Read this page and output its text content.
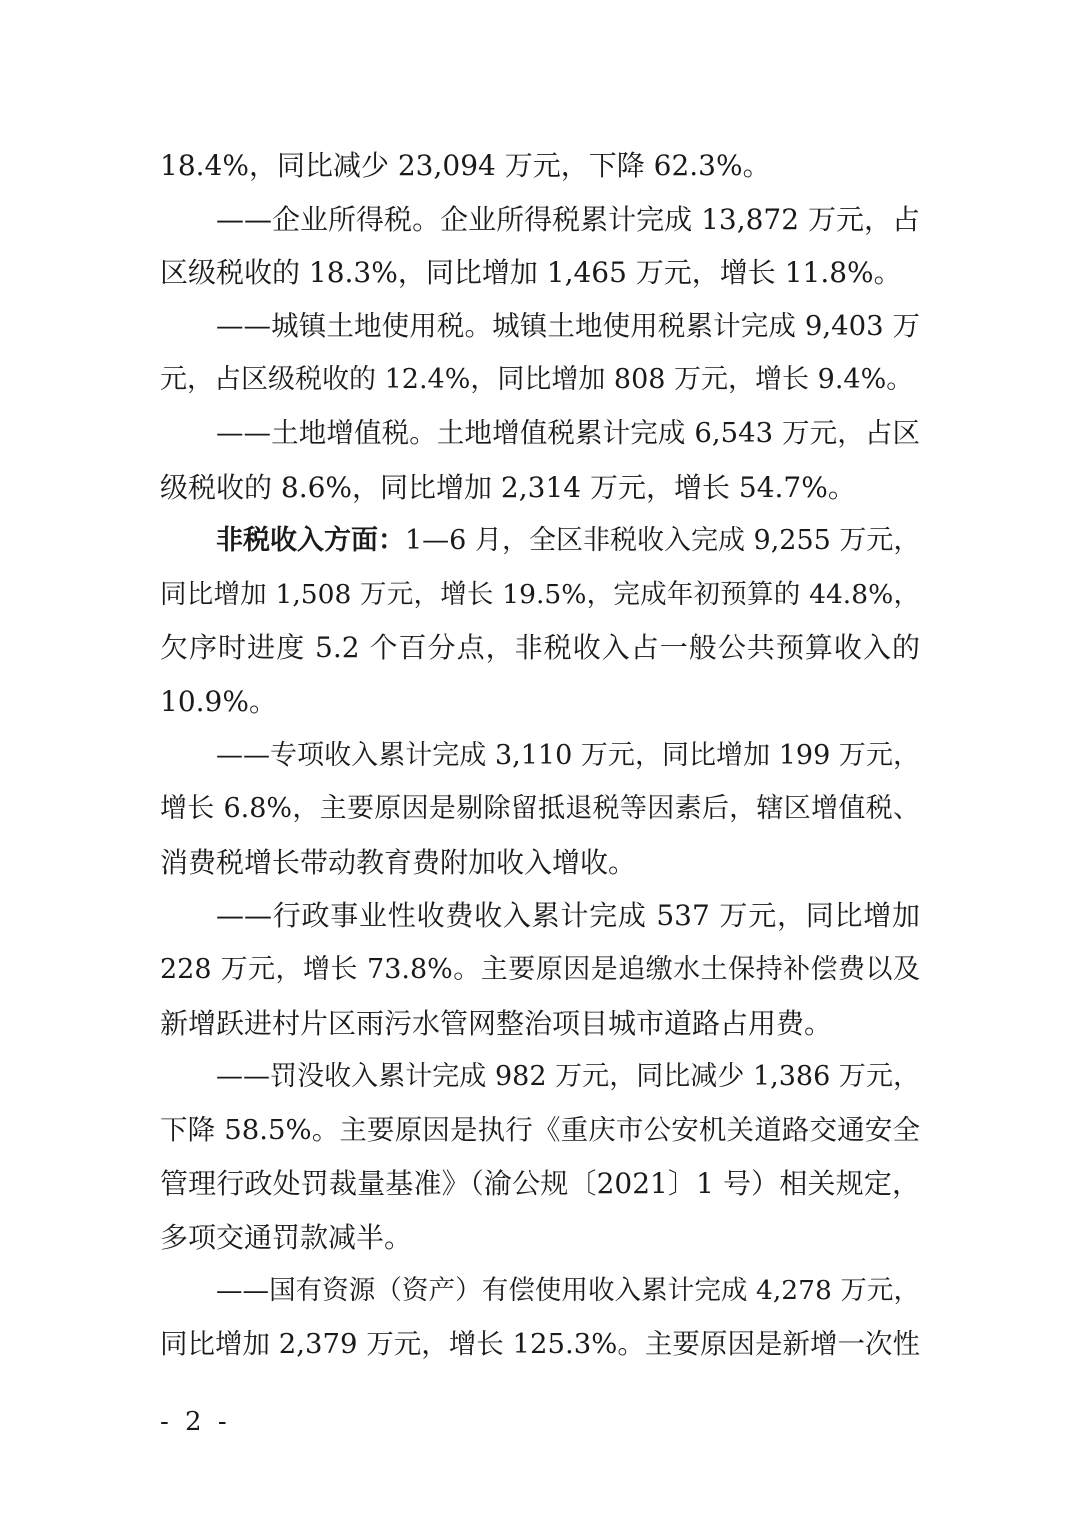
18.4%，同比减少 23,094 万元，下降 62.3%。
——企业所得税。企业所得税累计完成 13,872 万元，占
区级税收的 18.3%，同比增加 1,465 万元，增长 11.8%。
——城镇土地使用税。城镇土地使用税累计完成 9,403 万
元，占区级税收的 12.4%，同比增加 808 万元，增长 9.4%。
——土地增值税。土地增值税累计完成 6,543 万元，占区
级税收的 8.6%，同比增加 2,314 万元，增长 54.7%。
非税收入方面：1—6 月，全区非税收入完成 9,255 万元，
同比增加 1,508 万元，增长 19.5%，完成年初预算的 44.8%，
欠序时进度 5.2 个百分点，非税收入占一般公共预算收入的
10.9%。
——专项收入累计完成 3,110 万元，同比增加 199 万元，
增长 6.8%，主要原因是剔除留抵退税等因素后，辖区增值税、
消费税增长带动教育费附加收入增收。
——行政事业性收费收入累计完成 537 万元，同比增加
228 万元，增长 73.8%。主要原因是追缴水土保持补偿费以及
新增跃进村片区雨污水管网整治项目城市道路占用费。
——罚没收入累计完成 982 万元，同比减少 1,386 万元，
下降 58.5%。主要原因是执行《重庆市公安机关道路交通安全
管理行政处罚裁量基准》（渝公规〔2021〕1 号）相关规定，
多项交通罚款减半。
——国有资源（资产）有偿使用收入累计完成 4,278 万元，
同比增加 2,379 万元，增长 125.3%。主要原因是新增一次性
- 2 -
